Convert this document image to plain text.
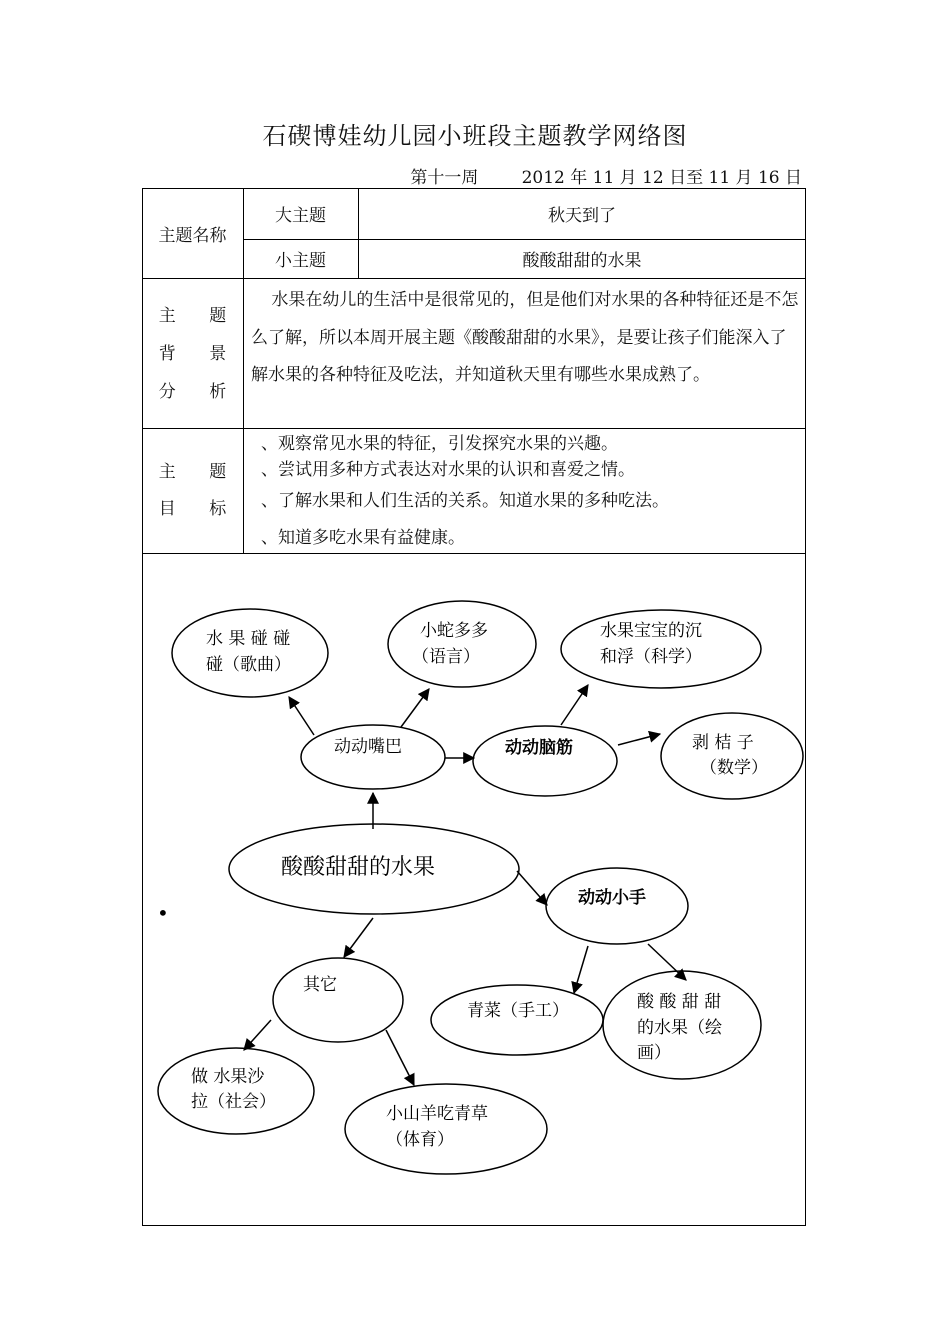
石碶博娃幼儿园小班段主题教学网络图
第十一周        2012 年 11 月 12 日至 11 月 16 日
主题名称
大主题	秋天到了
小主题	酸酸甜甜的水果
主 题
背 景
分 析
水果在幼儿的生活中是很常见的，但是他们对水果的各种特征还是不怎么了解，所以本周开展主题《酸酸甜甜的水果》，是要让孩子们能深入了解水果的各种特征及吃法，并知道秋天里有哪些水果成熟了。
主 题
目 标
、观察常见水果的特征，引发探究水果的兴趣。
、尝试用多种方式表达对水果的认识和喜爱之情。
、了解水果和人们生活的关系。知道水果的多种吃法。
、知道多吃水果有益健康。
水 果 碰 碰
碰（歌曲）
小蛇多多
（语言）
水果宝宝的沉
和浮（科学）
动动嘴巴	动动脑筋	剥 桔 子
（数学）
酸酸甜甜的水果
动动小手
其它
青菜（手工）	酸 酸 甜 甜
的水果（绘
画）
做 水果沙
拉（社会）
小山羊吃青草
（体育）
•
